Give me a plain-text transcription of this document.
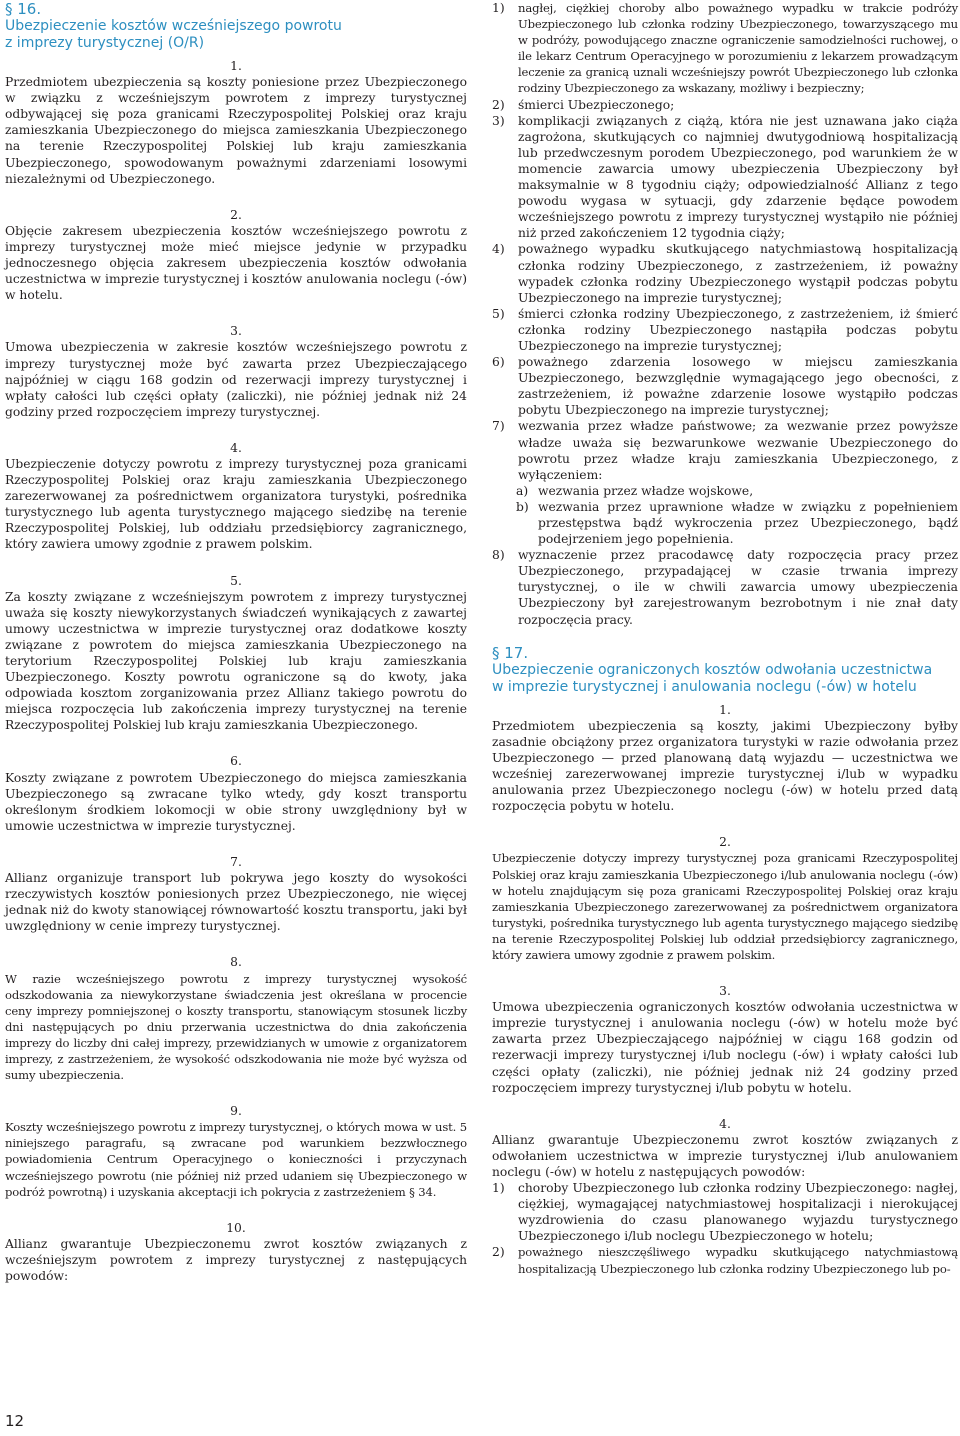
§ 16.
Ubezpieczenie kosztów wcześniejszego powrotu
z imprezy turystycznej (O/R)
1.

Przedmiotem ubezpieczenia są koszty poniesione przez Ubezpieczonego w związku z wcześniejszym powrotem z imprezy turystycznej odbywającej się poza granicami Rzeczypospolitej Polskiej oraz kraju zamieszkania Ubezpieczonego do miejsca zamieszkania Ubezpieczonego na terenie Rzeczypospolitej Polskiej lub kraju zamieszkania Ubezpieczonego, spowodowanym poważnymi zdarzeniami losowymi niezależnymi od Ubezpieczonego.

2.

Objęcie zakresem ubezpieczenia kosztów wcześniejszego powrotu z imprezy turystycznej może mieć miejsce jedynie w przypadku jednoczesnego objęcia zakresem ubezpieczenia kosztów odwołania uczestnictwa w imprezie turystycznej i kosztów anulowania noclegu (-ów) w hotelu.

3.

Umowa ubezpieczenia w zakresie kosztów wcześniejszego powrotu z imprezy turystycznej może być zawarta przez Ubezpieczającego najpóźniej w ciągu 168 godzin od rezerwacji imprezy turystycznej i wpłaty całości lub części opłaty (zaliczki), nie później jednak niż 24 godziny przed rozpoczęciem imprezy turystycznej.

4.

Ubezpieczenie dotyczy powrotu z imprezy turystycznej poza granicami Rzeczypospolitej Polskiej oraz kraju zamieszkania Ubezpieczonego zarezerwowanej za pośrednictwem organizatora turystyki, pośrednika turystycznego lub agenta turystycznego mającego siedzibę na terenie Rzeczypospolitej Polskiej, lub oddziału przedsiębiorcy zagranicznego, który zawiera umowy zgodnie z prawem polskim.

5.

Za koszty związane z wcześniejszym powrotem z imprezy turystycznej uważa się koszty niewykorzystanych świadczeń wynikających z zawartej umowy uczestnictwa w imprezie turystycznej oraz dodatkowe koszty związane z powrotem do miejsca zamieszkania Ubezpieczonego na terytorium Rzeczypospolitej Polskiej lub kraju zamieszkania Ubezpieczonego. Koszty powrotu ograniczone są do kwoty, jaka odpowiada kosztom zorganizowania przez Allianz takiego powrotu do miejsca rozpoczęcia lub zakończenia imprezy turystycznej na terenie Rzeczypospolitej Polskiej lub kraju zamieszkania Ubezpieczonego.

6.

Koszty związane z powrotem Ubezpieczonego do miejsca zamieszkania Ubezpieczonego są zwracane tylko wtedy, gdy koszt transportu określonym środkiem lokomocji w obie strony uwzględniony był w umowie uczestnictwa w imprezie turystycznej.

7.

Allianz organizuje transport lub pokrywa jego koszty do wysokości rzeczywistych kosztów poniesionych przez Ubezpieczonego, nie więcej jednak niż do kwoty stanowiącej równowartość kosztu transportu, jaki był uwzględniony w cenie imprezy turystycznej.

8.

W razie wcześniejszego powrotu z imprezy turystycznej wysokość odszkodowania za niewykorzystane świadczenia jest określana w procencie ceny imprezy pomniejszonej o koszty transportu, stanowiącym stosunek liczby dni następujących po dniu przerwania uczestnictwa do dnia zakończenia imprezy do liczby dni całej imprezy, przewidzianych w umowie z organizatorem imprezy, z zastrzeżeniem, że wysokość odszkodowania nie może być wyższa od sumy ubezpieczenia.

9.

Koszty wcześniejszego powrotu z imprezy turystycznej, o których mowa w ust. 5 niniejszego paragrafu, są zwracane pod warunkiem bezzwłocznego powiadomienia Centrum Operacyjnego o konieczności i przyczynach wcześniejszego powrotu (nie później niż przed udaniem się Ubezpieczonego w podróż powrotną) i uzyskania akceptacji ich pokrycia z zastrzeżeniem § 34.

10.

Allianz gwarantuje Ubezpieczonemu zwrot kosztów związanych z wcześniejszym powrotem z imprezy turystycznej z następujących powodów:

1)	nagłej, ciężkiej choroby albo poważnego wypadku w trakcie podróży Ubezpieczonego lub członka rodziny Ubezpieczonego, towarzyszącego mu w podróży, powodującego znaczne ograniczenie samodzielności ruchowej, o ile lekarz Centrum Operacyjnego w porozumieniu z lekarzem prowadzącym leczenie za granicą uznali wcześniejszy powrót Ubezpieczonego lub członka rodziny Ubezpieczonego za wskazany, możliwy i bezpieczny;
2)	śmierci Ubezpieczonego;
3)	komplikacji związanych z ciążą, która nie jest uznawana jako ciąża zagrożona, skutkujących co najmniej dwutygodniową hospitalizacją lub przedwczesnym porodem Ubezpieczonego, pod warunkiem że w momencie zawarcia umowy ubezpieczenia Ubezpieczony był maksymalnie w 8 tygodniu ciąży; odpowiedzialność Allianz z tego powodu wygasa w sytuacji, gdy zdarzenie będące powodem wcześniejszego powrotu z imprezy turystycznej wystąpiło nie później niż przed zakończeniem 12 tygodnia ciąży;
4)	poważnego wypadku skutkującego natychmiastową hospitalizacją członka rodziny Ubezpieczonego, z zastrzeżeniem, iż poważny wypadek członka rodziny Ubezpieczonego wystąpił podczas pobytu Ubezpieczonego na imprezie turystycznej;
5)	śmierci członka rodziny Ubezpieczonego, z zastrzeżeniem, iż śmierć członka rodziny Ubezpieczonego nastąpiła podczas pobytu Ubezpieczonego na imprezie turystycznej;
6)	poważnego zdarzenia losowego w miejscu zamieszkania Ubezpieczonego, bezwzględnie wymagającego jego obecności, z zastrzeżeniem, iż poważne zdarzenie losowe wystąpiło podczas pobytu Ubezpieczonego na imprezie turystycznej;
7)	wezwania przez władze państwowe; za wezwanie przez powyższe władze uważa się bezwarunkowe wezwanie Ubezpieczonego do powrotu przez władze kraju zamieszkania Ubezpieczonego, z wyłączeniem:
a) wezwania przez władze wojskowe,
b) wezwania przez uprawnione władze w związku z popełnieniem przestępstwa bądź wykroczenia przez Ubezpieczonego, bądź podejrzeniem jego popełnienia.
8)	wyznaczenie przez pracodawcę daty rozpoczęcia pracy przez Ubezpieczonego, przypadającej w czasie trwania imprezy turystycznej, o ile w chwili zawarcia umowy ubezpieczenia Ubezpieczony był zarejestrowanym bezrobotnym i nie znał daty rozpoczęcia pracy.
§ 17.
Ubezpieczenie ograniczonych kosztów odwołania uczestnictwa
w imprezie turystycznej i anulowania noclegu (-ów) w hotelu
1.

Przedmiotem ubezpieczenia są koszty, jakimi Ubezpieczony byłby zasadnie obciążony przez organizatora turystyki w razie odwołania przez Ubezpieczonego — przed planowaną datą wyjazdu — uczestnictwa we wcześniej zarezerwowanej imprezie turystycznej i/lub w wypadku anulowania przez Ubezpieczonego noclegu (-ów) w hotelu przed datą rozpoczęcia pobytu w hotelu.

2.

Ubezpieczenie dotyczy imprezy turystycznej poza granicami Rzeczypospolitej Polskiej oraz kraju zamieszkania Ubezpieczonego i/lub anulowania noclegu (-ów) w hotelu znajdującym się poza granicami Rzeczypospolitej Polskiej oraz kraju zamieszkania Ubezpieczonego zarezerwowanej za pośrednictwem organizatora turystyki, pośrednika turystycznego lub agenta turystycznego mającego siedzibę na terenie Rzeczypospolitej Polskiej lub oddział przedsiębiorcy zagranicznego, który zawiera umowy zgodnie z prawem polskim.

3.

Umowa ubezpieczenia ograniczonych kosztów odwołania uczestnictwa w imprezie turystycznej i anulowania noclegu (-ów) w hotelu może być zawarta przez Ubezpieczającego najpóźniej w ciągu 168 godzin od rezerwacji imprezy turystycznej i/lub noclegu (-ów) i wpłaty całości lub części opłaty (zaliczki), nie później jednak niż 24 godziny przed rozpoczęciem imprezy turystycznej i/lub pobytu w hotelu.

4.

Allianz gwarantuje Ubezpieczonemu zwrot kosztów związanych z odwołaniem uczestnictwa w imprezie turystycznej i/lub anulowaniem noclegu (-ów) w hotelu z następujących powodów:

1)	choroby Ubezpieczonego lub członka rodziny Ubezpieczonego: nagłej, ciężkiej, wymagającej natychmiastowej hospitalizacji i nierokującej wyzdrowienia do czasu planowanego wyjazdu turystycznego Ubezpieczonego i/lub noclegu Ubezpieczonego w hotelu;
2)	poważnego nieszczęśliwego wypadku skutkującego natychmiastową hospitalizacją Ubezpieczonego lub członka rodziny Ubezpieczonego lub po-
12
